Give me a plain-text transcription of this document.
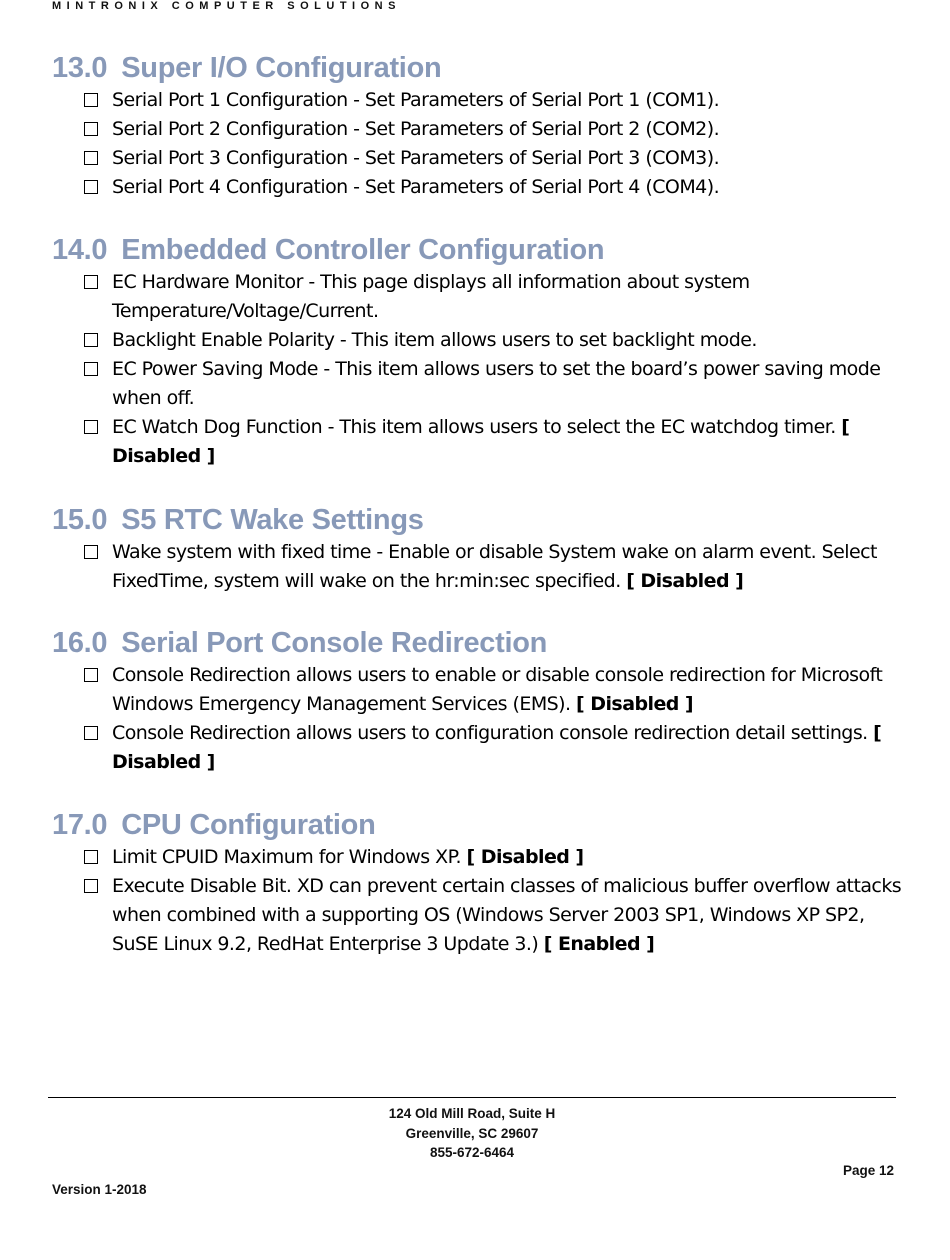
MINTRONIX COMPUTER SOLUTIONS
13.0 Super I/O Configuration
Serial Port 1 Configuration - Set Parameters of Serial Port 1 (COM1).
Serial Port 2 Configuration - Set Parameters of Serial Port 2 (COM2).
Serial Port 3 Configuration - Set Parameters of Serial Port 3 (COM3).
Serial Port 4 Configuration - Set Parameters of Serial Port 4 (COM4).
14.0 Embedded Controller Configuration
EC Hardware Monitor - This page displays all information about system Temperature/Voltage/Current.
Backlight Enable Polarity - This item allows users to set backlight mode.
EC Power Saving Mode - This item allows users to set the board’s power saving mode when off.
EC Watch Dog Function - This item allows users to select the EC watchdog timer. [ Disabled ]
15.0 S5 RTC Wake Settings
Wake system with fixed time - Enable or disable System wake on alarm event. Select FixedTime, system will wake on the hr:min:sec specified. [ Disabled ]
16.0 Serial Port Console Redirection
Console Redirection allows users to enable or disable console redirection for Microsoft Windows Emergency Management Services (EMS). [ Disabled ]
Console Redirection allows users to configuration console redirection detail settings. [ Disabled ]
17.0 CPU Configuration
Limit CPUID Maximum for Windows XP. [ Disabled ]
Execute Disable Bit. XD can prevent certain classes of malicious buffer overflow attacks when combined with a supporting OS (Windows Server 2003 SP1, Windows XP SP2, SuSE Linux 9.2, RedHat Enterprise 3 Update 3.) [ Enabled ]
124 Old Mill Road, Suite H
Greenville, SC 29607
855-672-6464
Page 12
Version 1-2018
